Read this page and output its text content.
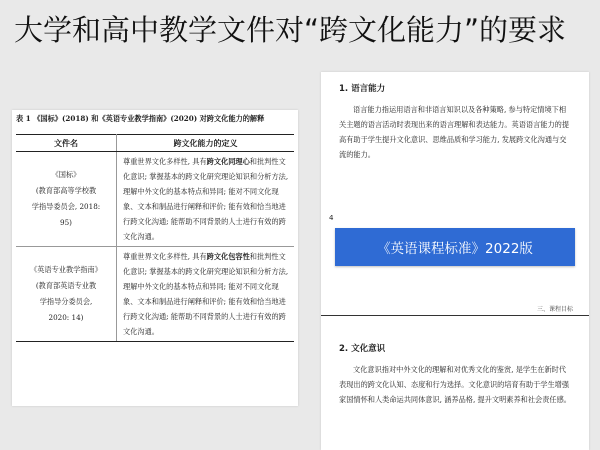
大学和高中教学文件对“跨文化能力”的要求
表 1 《国标》(2018) 和《英语专业教学指南》(2020) 对跨文化能力的解释
文件名	跨文化能力的定义

《国标》
(教育部高等学校教
学指导委员会, 2018:
95)	尊重世界文化多样性, 具有跨文化同理心和批判性文化意识; 掌握基本的跨文化研究理论知识和分析方法, 理解中外文化的基本特点和异同; 能对不同文化现象、文本和制品进行阐释和评价; 能有效和恰当地进行跨文化沟通; 能帮助不同背景的人士进行有效的跨文化沟通。

《英语专业教学指南》
(教育部英语专业教
学指导分委员会,
2020: 14)	尊重世界文化多样性, 具有跨文化包容性和批判性文化意识; 掌握基本的跨文化研究理论知识和分析方法, 理解中外文化的基本特点和异同; 能对不同文化现象、文本和制品进行阐释和评价; 能有效和恰当地进行跨文化沟通; 能帮助不同背景的人士进行有效的跨文化沟通。
1. 语言能力
语言能力指运用语言和非语言知识以及各种策略, 参与特定情境下相关主题的语言活动时表现出来的语言理解和表达能力。英语语言能力的提高有助于学生提升文化意识、思维品质和学习能力, 发展跨文化沟通与交流的能力。
4
三、课程目标
2. 文化意识
文化意识指对中外文化的理解和对优秀文化的鉴赏, 是学生在新时代表现出的跨文化认知、态度和行为选择。文化意识的培育有助于学生增强家国情怀和人类命运共同体意识, 涵养品格, 提升文明素养和社会责任感。
《英语课程标准》2022版
